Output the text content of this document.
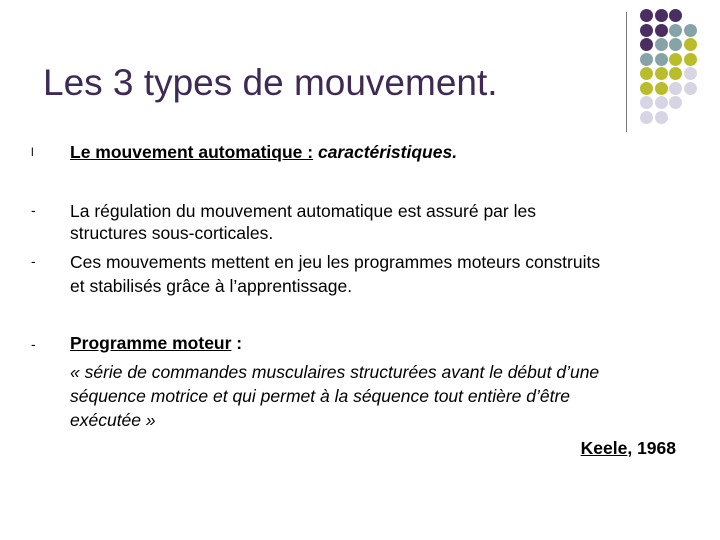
Les 3 types de mouvement.
l Le mouvement automatique : caractéristiques.
- La régulation du mouvement automatique est assuré par les
structures sous-corticales.
- Ces mouvements mettent en jeu les programmes moteurs construits
et stabilisés grâce à l’apprentissage.
- Programme moteur :
« série de commandes musculaires structurées avant le début d’une
séquence motrice et qui permet à la séquence tout entière d’être
exécutée »
Keele, 1968
